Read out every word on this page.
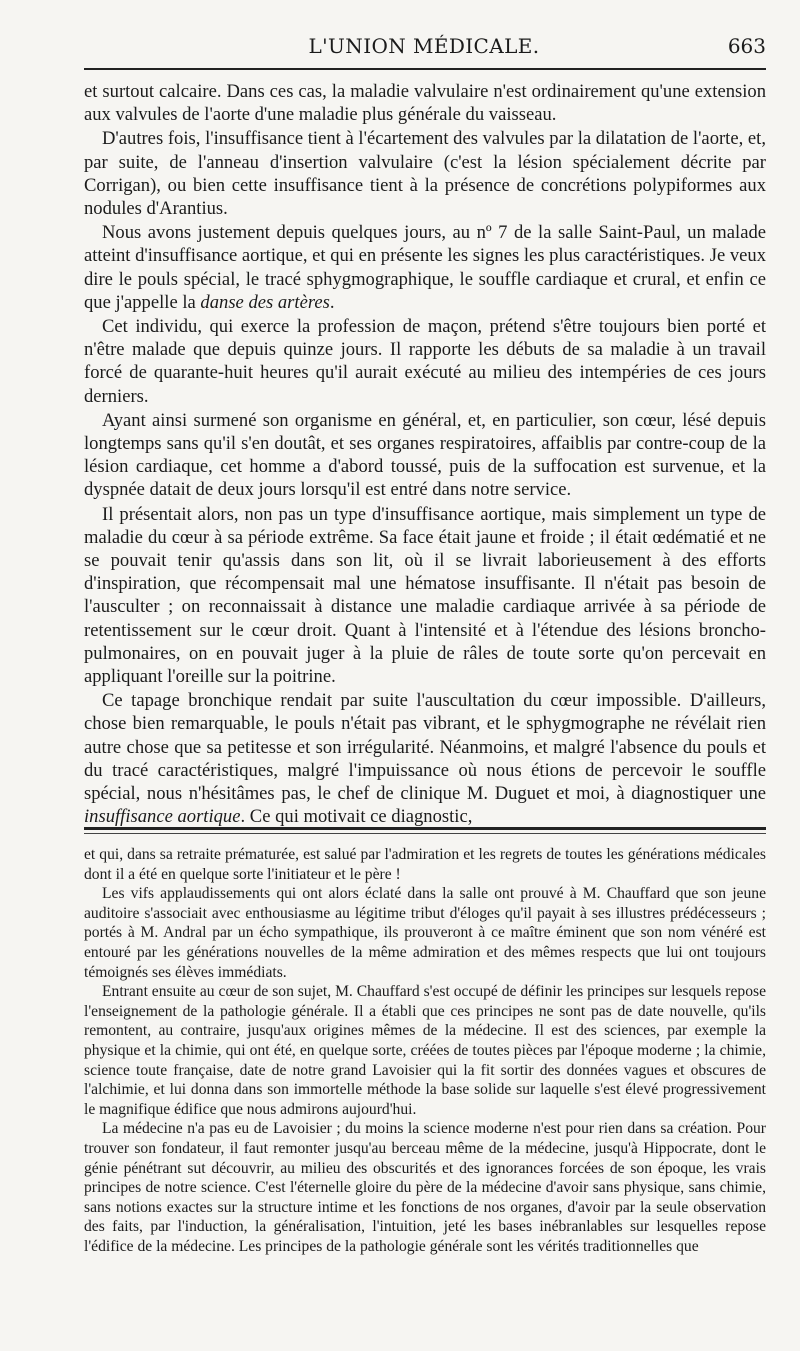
L'UNION MÉDICALE.	663

et surtout calcaire. Dans ces cas, la maladie valvulaire n'est ordinairement qu'une extension aux valvules de l'aorte d'une maladie plus générale du vaisseau.

D'autres fois, l'insuffisance tient à l'écartement des valvules par la dilatation de l'aorte, et, par suite, de l'anneau d'insertion valvulaire (c'est la lésion spécialement décrite par Corrigan), ou bien cette insuffisance tient à la présence de concrétions polypiformes aux nodules d'Arantius.

Nous avons justement depuis quelques jours, au nº 7 de la salle Saint-Paul, un malade atteint d'insuffisance aortique, et qui en présente les signes les plus caractéristiques. Je veux dire le pouls spécial, le tracé sphygmographique, le souffle cardiaque et crural, et enfin ce que j'appelle la danse des artères.

Cet individu, qui exerce la profession de maçon, prétend s'être toujours bien porté et n'être malade que depuis quinze jours. Il rapporte les débuts de sa maladie à un travail forcé de quarante-huit heures qu'il aurait exécuté au milieu des intempéries de ces jours derniers.

Ayant ainsi surmené son organisme en général, et, en particulier, son cœur, lésé depuis longtemps sans qu'il s'en doutât, et ses organes respiratoires, affaiblis par contre-coup de la lésion cardiaque, cet homme a d'abord toussé, puis de la suffocation est survenue, et la dyspnée datait de deux jours lorsqu'il est entré dans notre service.

Il présentait alors, non pas un type d'insuffisance aortique, mais simplement un type de maladie du cœur à sa période extrême. Sa face était jaune et froide ; il était œdématié et ne se pouvait tenir qu'assis dans son lit, où il se livrait laborieusement à des efforts d'inspiration, que récompensait mal une hématose insuffisante. Il n'était pas besoin de l'ausculter ; on reconnaissait à distance une maladie cardiaque arrivée à sa période de retentissement sur le cœur droit. Quant à l'intensité et à l'étendue des lésions broncho-pulmonaires, on en pouvait juger à la pluie de râles de toute sorte qu'on percevait en appliquant l'oreille sur la poitrine.

Ce tapage bronchique rendait par suite l'auscultation du cœur impossible. D'ailleurs, chose bien remarquable, le pouls n'était pas vibrant, et le sphygmographe ne révélait rien autre chose que sa petitesse et son irrégularité. Néanmoins, et malgré l'absence du pouls et du tracé caractéristiques, malgré l'impuissance où nous étions de percevoir le souffle spécial, nous n'hésitâmes pas, le chef de clinique M. Duguet et moi, à diagnostiquer une insuffisance aortique. Ce qui motivait ce diagnostic,

et qui, dans sa retraite prématurée, est salué par l'admiration et les regrets de toutes les générations médicales dont il a été en quelque sorte l'initiateur et le père !

Les vifs applaudissements qui ont alors éclaté dans la salle ont prouvé à M. Chauffard que son jeune auditoire s'associait avec enthousiasme au légitime tribut d'éloges qu'il payait à ses illustres prédécesseurs ; portés à M. Andral par un écho sympathique, ils prouveront à ce maître éminent que son nom vénéré est entouré par les générations nouvelles de la même admiration et des mêmes respects que lui ont toujours témoignés ses élèves immédiats.

Entrant ensuite au cœur de son sujet, M. Chauffard s'est occupé de définir les principes sur lesquels repose l'enseignement de la pathologie générale. Il a établi que ces principes ne sont pas de date nouvelle, qu'ils remontent, au contraire, jusqu'aux origines mêmes de la médecine. Il est des sciences, par exemple la physique et la chimie, qui ont été, en quelque sorte, créées de toutes pièces par l'époque moderne ; la chimie, science toute française, date de notre grand Lavoisier qui la fit sortir des données vagues et obscures de l'alchimie, et lui donna dans son immortelle méthode la base solide sur laquelle s'est élevé progressivement le magnifique édifice que nous admirons aujourd'hui.

La médecine n'a pas eu de Lavoisier ; du moins la science moderne n'est pour rien dans sa création. Pour trouver son fondateur, il faut remonter jusqu'au berceau même de la médecine, jusqu'à Hippocrate, dont le génie pénétrant sut découvrir, au milieu des obscurités et des ignorances forcées de son époque, les vrais principes de notre science. C'est l'éternelle gloire du père de la médecine d'avoir sans physique, sans chimie, sans notions exactes sur la structure intime et les fonctions de nos organes, d'avoir par la seule observation des faits, par l'induction, la généralisation, l'intuition, jeté les bases inébranlables sur lesquelles repose l'édifice de la médecine. Les principes de la pathologie générale sont les vérités traditionnelles que
